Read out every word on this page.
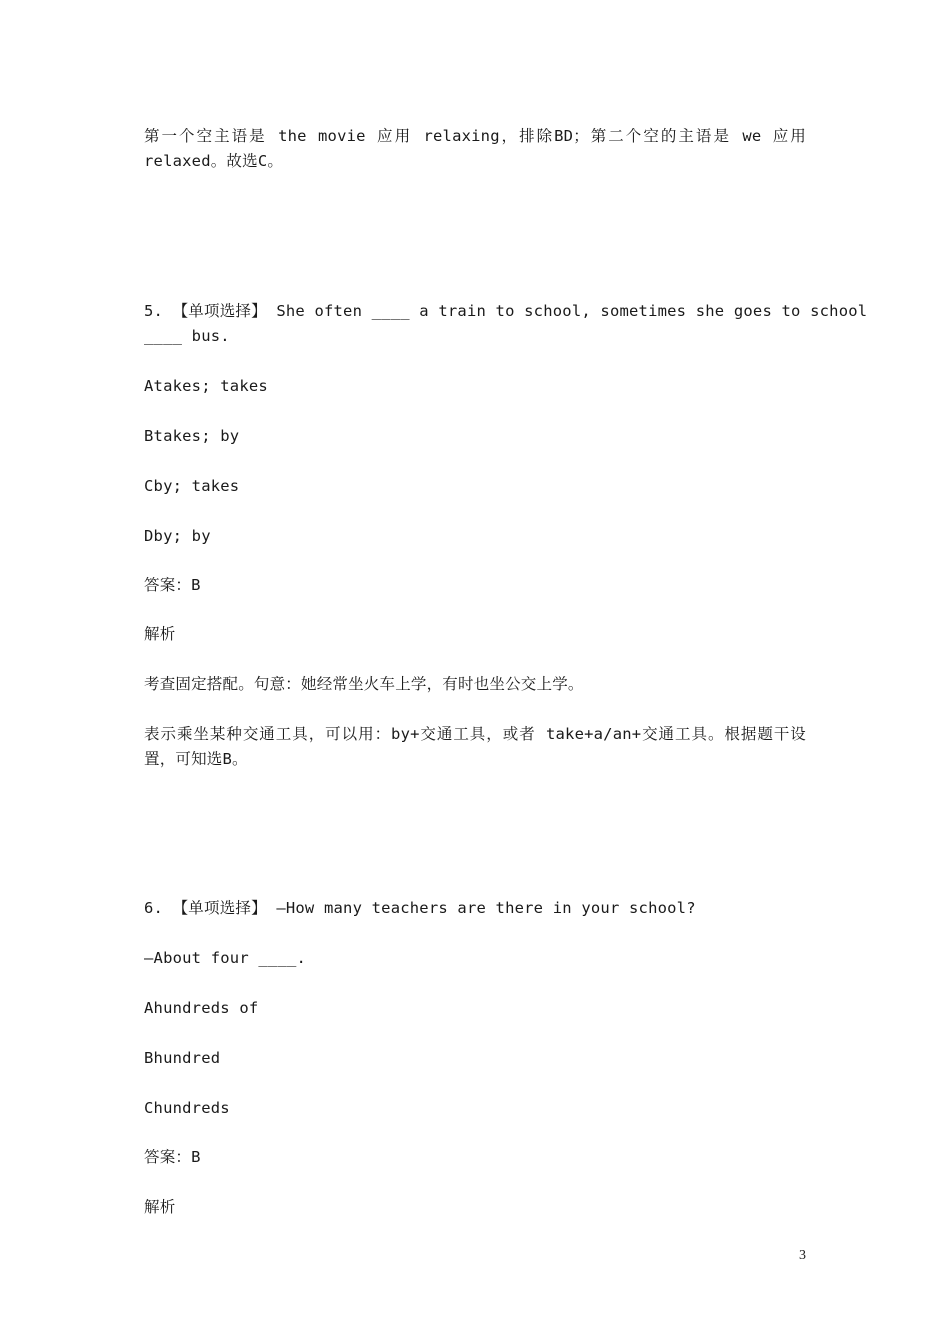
第一个空主语是 the movie 应用 relaxing，排除BD；第二个空的主语是 we 应用
relaxed。故选C。
5. 【单项选择】 She often ____ a train to school, sometimes she goes to school
____ bus.
Atakes; takes
Btakes; by
Cby; takes
Dby; by
答案：B
解析
考查固定搭配。句意：她经常坐火车上学，有时也坐公交上学。
表示乘坐某种交通工具，可以用：by+交通工具，或者 take+a/an+交通工具。根据题干设
置，可知选B。
6. 【单项选择】 —How many teachers are there in your school?
—About four ____.
Ahundreds of
Bhundred
Chundreds
答案：B
解析
3
